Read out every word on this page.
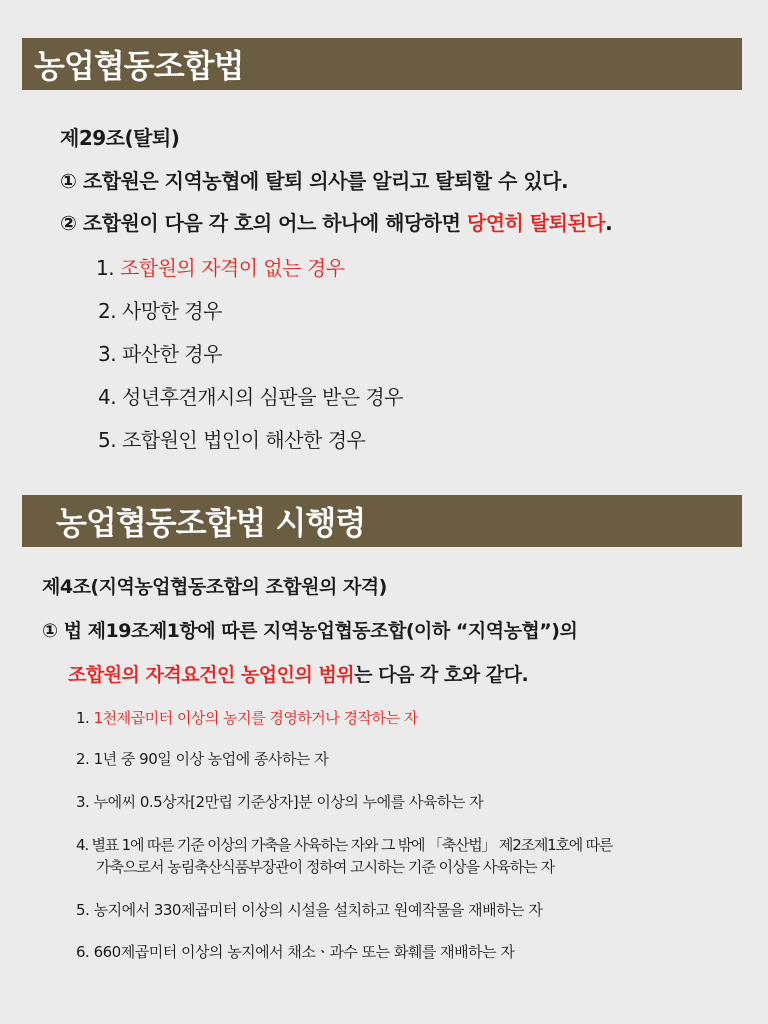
농업협동조합법
제29조(탈퇴)
① 조합원은 지역농협에 탈퇴 의사를 알리고 탈퇴할 수 있다.
② 조합원이 다음 각 호의 어느 하나에 해당하면 당연히 탈퇴된다.
1. 조합원의 자격이 없는 경우
2. 사망한 경우
3. 파산한 경우
4. 성년후견개시의 심판을 받은 경우
5. 조합원인 법인이 해산한 경우
농업협동조합법 시행령
제4조(지역농업협동조합의 조합원의 자격)
① 법 제19조제1항에 따른 지역농업협동조합(이하 “지역농협”)의
조합원의 자격요건인 농업인의 범위는 다음 각 호와 같다.
1. 1천제곱미터 이상의 농지를 경영하거나 경작하는 자
2. 1년 중 90일 이상 농업에 종사하는 자
3. 누에씨 0.5상자[2만립 기준상자]분 이상의 누에를 사육하는 자
4. 별표 1에 따른 기준 이상의 가축을 사육하는 자와 그 밖에 「축산법」 제2조제1호에 따른
가축으로서 농림축산식품부장관이 정하여 고시하는 기준 이상을 사육하는 자
5. 농지에서 330제곱미터 이상의 시설을 설치하고 원예작물을 재배하는 자
6. 660제곱미터 이상의 농지에서 채소ㆍ과수 또는 화훼를 재배하는 자
